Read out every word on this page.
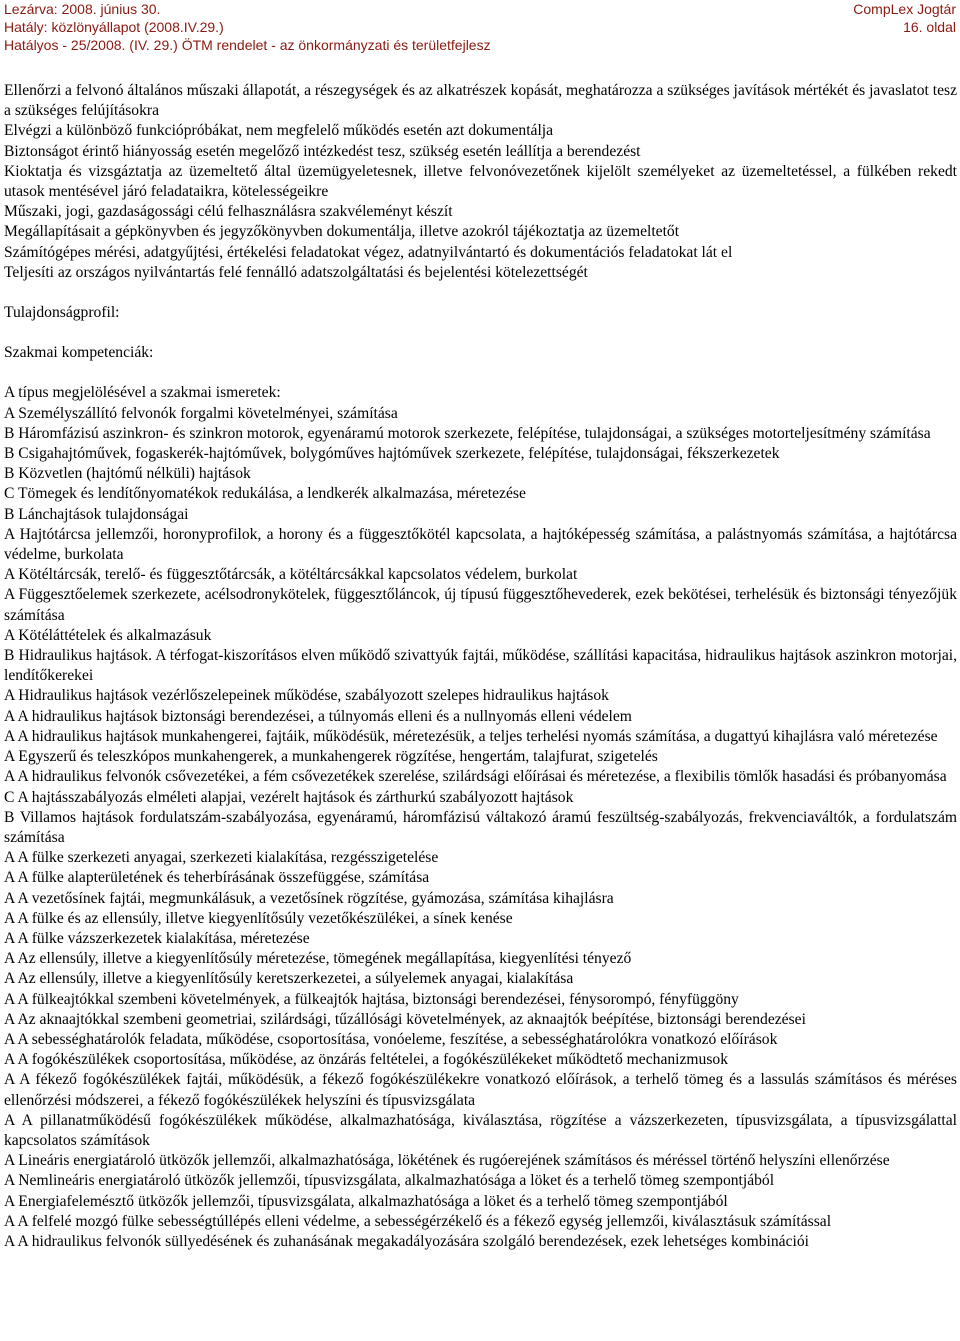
Lezárva: 2008. június 30.
Hatály: közlönyállapot (2008.IV.29.)
Hatályos - 25/2008. (IV. 29.) ÖTM rendelet - az önkormányzati és területfejlesz
CompLex Jogtár
16. oldal

Ellenőrzi a felvonó általános műszaki állapotát, a részegységek és az alkatrészek kopását, meghatározza a szükséges javítások mértékét és javaslatot tesz a szükséges felújításokra

Elvégzi a különböző funkciópróbákat, nem megfelelő működés esetén azt dokumentálja

Biztonságot érintő hiányosság esetén megelőző intézkedést tesz, szükség esetén leállítja a berendezést

Kioktatja és vizsgáztatja az üzemeltető által üzemügyeletesnek, illetve felvonóvezetőnek kijelölt személyeket az üzemeltetéssel, a fülkében rekedt utasok mentésével járó feladataikra, kötelességeikre

Műszaki, jogi, gazdaságossági célú felhasználásra szakvéleményt készít

Megállapításait a gépkönyvben és jegyzőkönyvben dokumentálja, illetve azokról tájékoztatja az üzemeltetőt

Számítógépes mérési, adatgyűjtési, értékelési feladatokat végez, adatnyilvántartó és dokumentációs feladatokat lát el

Teljesíti az országos nyilvántartás felé fennálló adatszolgáltatási és bejelentési kötelezettségét

Tulajdonságprofil:

Szakmai kompetenciák:

A típus megjelölésével a szakmai ismeretek:

A Személyszállító felvonók forgalmi követelményei, számítása

B Háromfázisú aszinkron- és szinkron motorok, egyenáramú motorok szerkezete, felépítése, tulajdonságai, a szükséges motorteljesítmény számítása

B Csigahajtóművek, fogaskerék-hajtóművek, bolygóműves hajtóművek szerkezete, felépítése, tulajdonságai, fékszerkezetek

B Közvetlen (hajtómű nélküli) hajtások

C Tömegek és lendítőnyomatékok redukálása, a lendkerék alkalmazása, méretezése

B Lánchajtások tulajdonságai

A Hajtótárcsa jellemzői, horonyprofilok, a horony és a függesztőkötél kapcsolata, a hajtóképesség számítása, a palástnyomás számítása, a hajtótárcsa védelme, burkolata

A Kötéltárcsák, terelő- és függesztőtárcsák, a kötéltárcsákkal kapcsolatos védelem, burkolat

A Függesztőelemek szerkezete, acélsodronykötelek, függesztőláncok, új típusú függesztőhevederek, ezek bekötései, terhelésük és biztonsági tényezőjük számítása

A Kötéláttételek és alkalmazásuk

B Hidraulikus hajtások. A térfogat-kiszorításos elven működő szivattyúk fajtái, működése, szállítási kapacitása, hidraulikus hajtások aszinkron motorjai, lendítőkerekei

A Hidraulikus hajtások vezérlőszelepeinek működése, szabályozott szelepes hidraulikus hajtások

A A hidraulikus hajtások biztonsági berendezései, a túlnyomás elleni és a nullnyomás elleni védelem

A A hidraulikus hajtások munkahengerei, fajtáik, működésük, méretezésük, a teljes terhelési nyomás számítása, a dugattyú kihajlásra való méretezése

A Egyszerű és teleszkópos munkahengerek, a munkahengerek rögzítése, hengertám, talajfurat, szigetelés

A A hidraulikus felvonók csővezetékei, a fém csővezetékek szerelése, szilárdsági előírásai és méretezése, a flexibilis tömlők hasadási és próbanyomása

C A hajtásszabályozás elméleti alapjai, vezérelt hajtások és zárthurkú szabályozott hajtások

B Villamos hajtások fordulatszám-szabályozása, egyenáramú, háromfázisú váltakozó áramú feszültség-szabályozás, frekvenciaváltók, a fordulatszám számítása

A A fülke szerkezeti anyagai, szerkezeti kialakítása, rezgésszigetelése

A A fülke alapterületének és teherbírásának összefüggése, számítása

A A vezetősínek fajtái, megmunkálásuk, a vezetősínek rögzítése, gyámozása, számítása kihajlásra

A A fülke és az ellensúly, illetve kiegyenlítősúly vezetőkészülékei, a sínek kenése

A A fülke vázszerkezetek kialakítása, méretezése

A Az ellensúly, illetve a kiegyenlítősúly méretezése, tömegének megállapítása, kiegyenlítési tényező

A Az ellensúly, illetve a kiegyenlítősúly keretszerkezetei, a súlyelemek anyagai, kialakítása

A A fülkeajtókkal szembeni követelmények, a fülkeajtók hajtása, biztonsági berendezései, fénysorompó, fényfüggöny

A Az aknaajtókkal szembeni geometriai, szilárdsági, tűzállósági követelmények, az aknaajtók beépítése, biztonsági berendezései

A A sebességhatárolók feladata, működése, csoportosítása, vonóeleme, feszítése, a sebességhatárolókra vonatkozó előírások

A A fogókészülékek csoportosítása, működése, az önzárás feltételei, a fogókészülékeket működtető mechanizmusok

A A fékező fogókészülékek fajtái, működésük, a fékező fogókészülékekre vonatkozó előírások, a terhelő tömeg és a lassulás számításos és méréses ellenőrzési módszerei, a fékező fogókészülékek helyszíni és típusvizsgálata

A A pillanatműködésű fogókészülékek működése, alkalmazhatósága, kiválasztása, rögzítése a vázszerkezeten, típusvizsgálata, a típusvizsgálattal kapcsolatos számítások

A Lineáris energiatároló ütközők jellemzői, alkalmazhatósága, lökétének és rugóerejének számításos és méréssel történő helyszíni ellenőrzése

A Nemlineáris energiatároló ütközők jellemzői, típusvizsgálata, alkalmazhatósága a löket és a terhelő tömeg szempontjából

A Energiafelemésztő ütközők jellemzői, típusvizsgálata, alkalmazhatósága a löket és a terhelő tömeg szempontjából

A A felfelé mozgó fülke sebességtúllépés elleni védelme, a sebességérzékelő és a fékező egység jellemzői, kiválasztásuk számítással

A A hidraulikus felvonók süllyedésének és zuhanásának megakadályozására szolgáló berendezések, ezek lehetséges kombinációi
